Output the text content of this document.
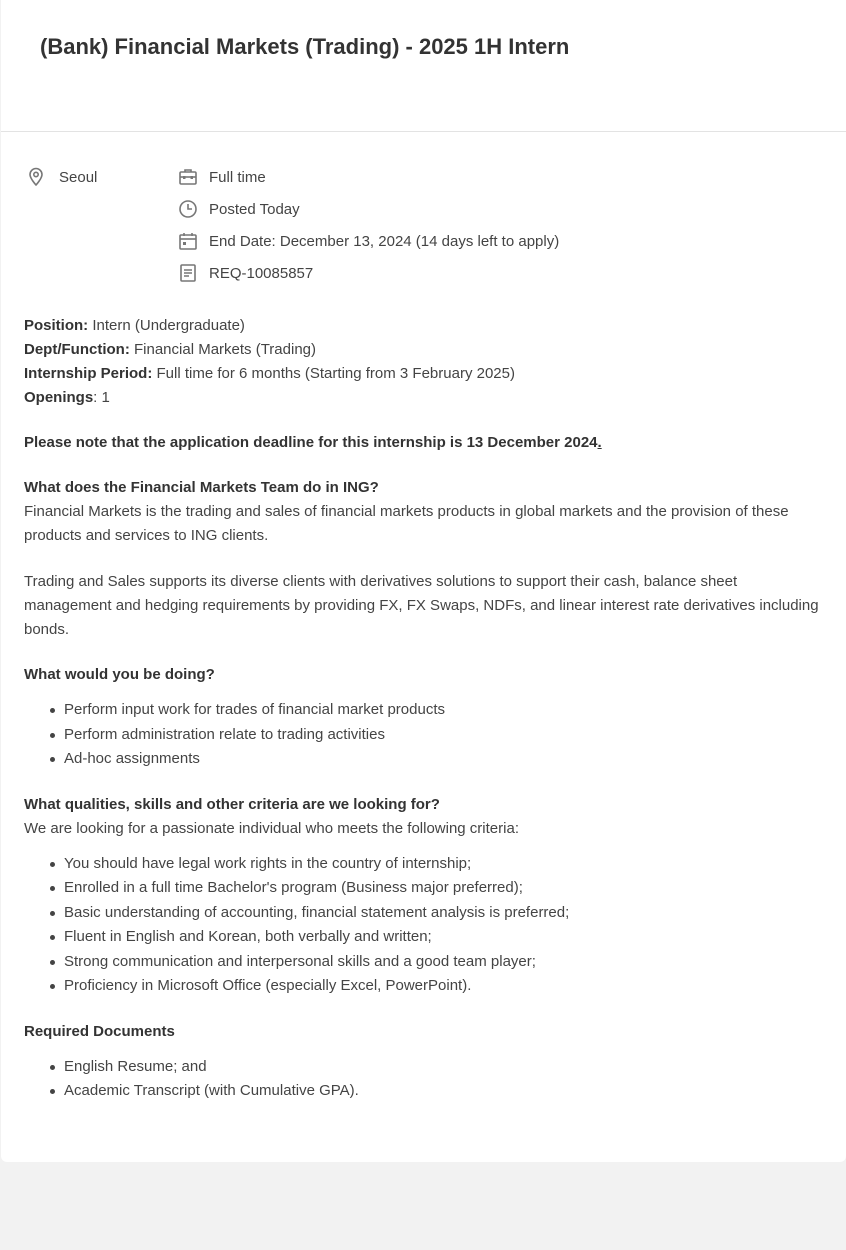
(Bank) Financial Markets (Trading) - 2025 1H Intern
Seoul	Full time
Posted Today
End Date: December 13, 2024 (14 days left to apply)
REQ-10085857
Position: Intern (Undergraduate)
Dept/Function: Financial Markets (Trading)
Internship Period: Full time for 6 months (Starting from 3 February 2025)
Openings: 1
Please note that the application deadline for this internship is 13 December 2024.
What does the Financial Markets Team do in ING?
Financial Markets is the trading and sales of financial markets products in global markets and the provision of these products and services to ING clients.
Trading and Sales supports its diverse clients with derivatives solutions to support their cash, balance sheet management and hedging requirements by providing FX, FX Swaps, NDFs, and linear interest rate derivatives including bonds.
What would you be doing?
Perform input work for trades of financial market products
Perform administration relate to trading activities
Ad-hoc assignments
What qualities, skills and other criteria are we looking for?
We are looking for a passionate individual who meets the following criteria:
You should have legal work rights in the country of internship;
Enrolled in a full time Bachelor's program (Business major preferred);
Basic understanding of accounting, financial statement analysis is preferred;
Fluent in English and Korean, both verbally and written;
Strong communication and interpersonal skills and a good team player;
Proficiency in Microsoft Office (especially Excel, PowerPoint).
Required Documents
English Resume; and
Academic Transcript (with Cumulative GPA).
